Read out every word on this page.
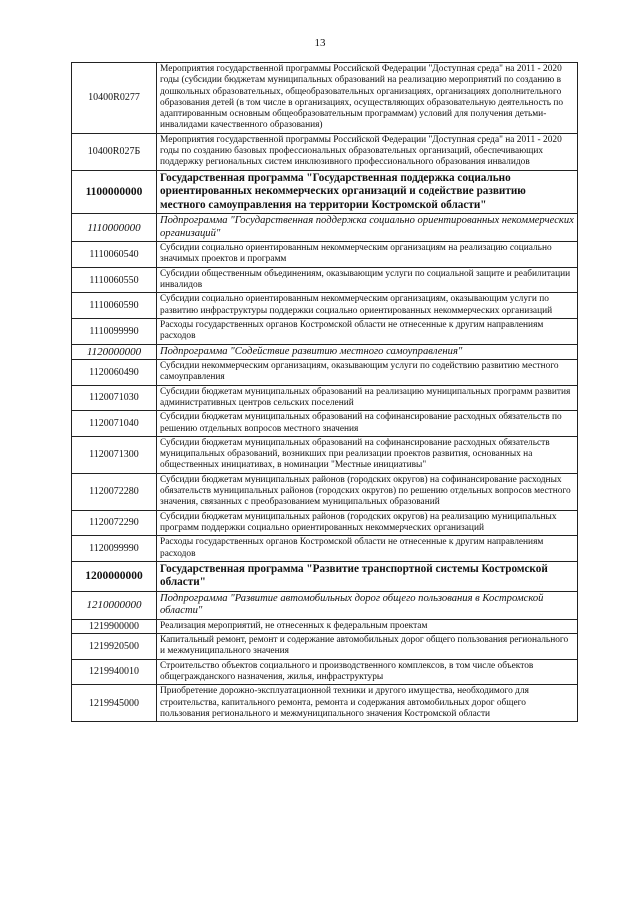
13
10400R0277	Мероприятия государственной программы Российской Федерации "Доступная среда" на 2011 - 2020 годы (субсидии бюджетам муниципальных образований на реализацию мероприятий по созданию в дошкольных образовательных, общеобразовательных организациях, организациях дополнительного образования детей (в том числе в организациях, осуществляющих образовательную деятельность по адаптированным основным общеобразовательным программам) условий для получения детьми-инвалидами качественного образования)
10400R027Б	Мероприятия государственной программы Российской Федерации "Доступная среда" на 2011 - 2020 годы по созданию базовых профессиональных образовательных организаций, обеспечивающих поддержку региональных систем инклюзивного профессионального образования инвалидов
1100000000	Государственная программа "Государственная поддержка социально ориентированных некоммерческих организаций и содействие развитию местного самоуправления на территории Костромской области"
1110000000	Подпрограмма "Государственная поддержка социально ориентированных некоммерческих организаций"
1110060540	Субсидии социально ориентированным некоммерческим организациям на реализацию социально значимых проектов и программ
1110060550	Субсидии общественным объединениям, оказывающим услуги по социальной защите и реабилитации инвалидов
1110060590	Субсидии социально ориентированным некоммерческим организациям, оказывающим услуги по развитию инфраструктуры поддержки социально ориентированных некоммерческих организаций
1110099990	Расходы государственных органов Костромской области не отнесенные к другим направлениям расходов
1120000000	Подпрограмма "Содействие развитию местного самоуправления"
1120060490	Субсидии некоммерческим организациям, оказывающим услуги по содействию развитию местного самоуправления
1120071030	Субсидии бюджетам муниципальных образований на реализацию муниципальных программ развития административных центров сельских поселений
1120071040	Субсидии бюджетам муниципальных образований на софинансирование расходных обязательств по решению отдельных вопросов местного значения
1120071300	Субсидии бюджетам муниципальных образований на софинансирование расходных обязательств муниципальных образований, возникших при реализации проектов развития, основанных на общественных инициативах, в номинации "Местные инициативы"
1120072280	Субсидии бюджетам муниципальных районов (городских округов) на софинансирование расходных обязательств муниципальных районов (городских округов) по решению отдельных вопросов местного значения, связанных с преобразованием муниципальных образований
1120072290	Субсидии бюджетам муниципальных районов (городских округов) на реализацию муниципальных программ поддержки социально ориентированных некоммерческих организаций
1120099990	Расходы государственных органов Костромской области не отнесенные к другим направлениям расходов
1200000000	Государственная программа "Развитие транспортной системы Костромской области"
1210000000	Подпрограмма "Развитие автомобильных дорог общего пользования в Костромской области"
1219900000	Реализация мероприятий, не отнесенных к федеральным проектам
1219920500	Капитальный ремонт, ремонт и содержание автомобильных дорог общего пользования регионального и межмуниципального значения
1219940010	Строительство объектов социального и производственного комплексов, в том числе объектов общегражданского назначения, жилья, инфраструктуры
1219945000	Приобретение дорожно-эксплуатационной техники и другого имущества, необходимого для строительства, капитального ремонта, ремонта и содержания автомобильных дорог общего пользования регионального и межмуниципального значения Костромской области
